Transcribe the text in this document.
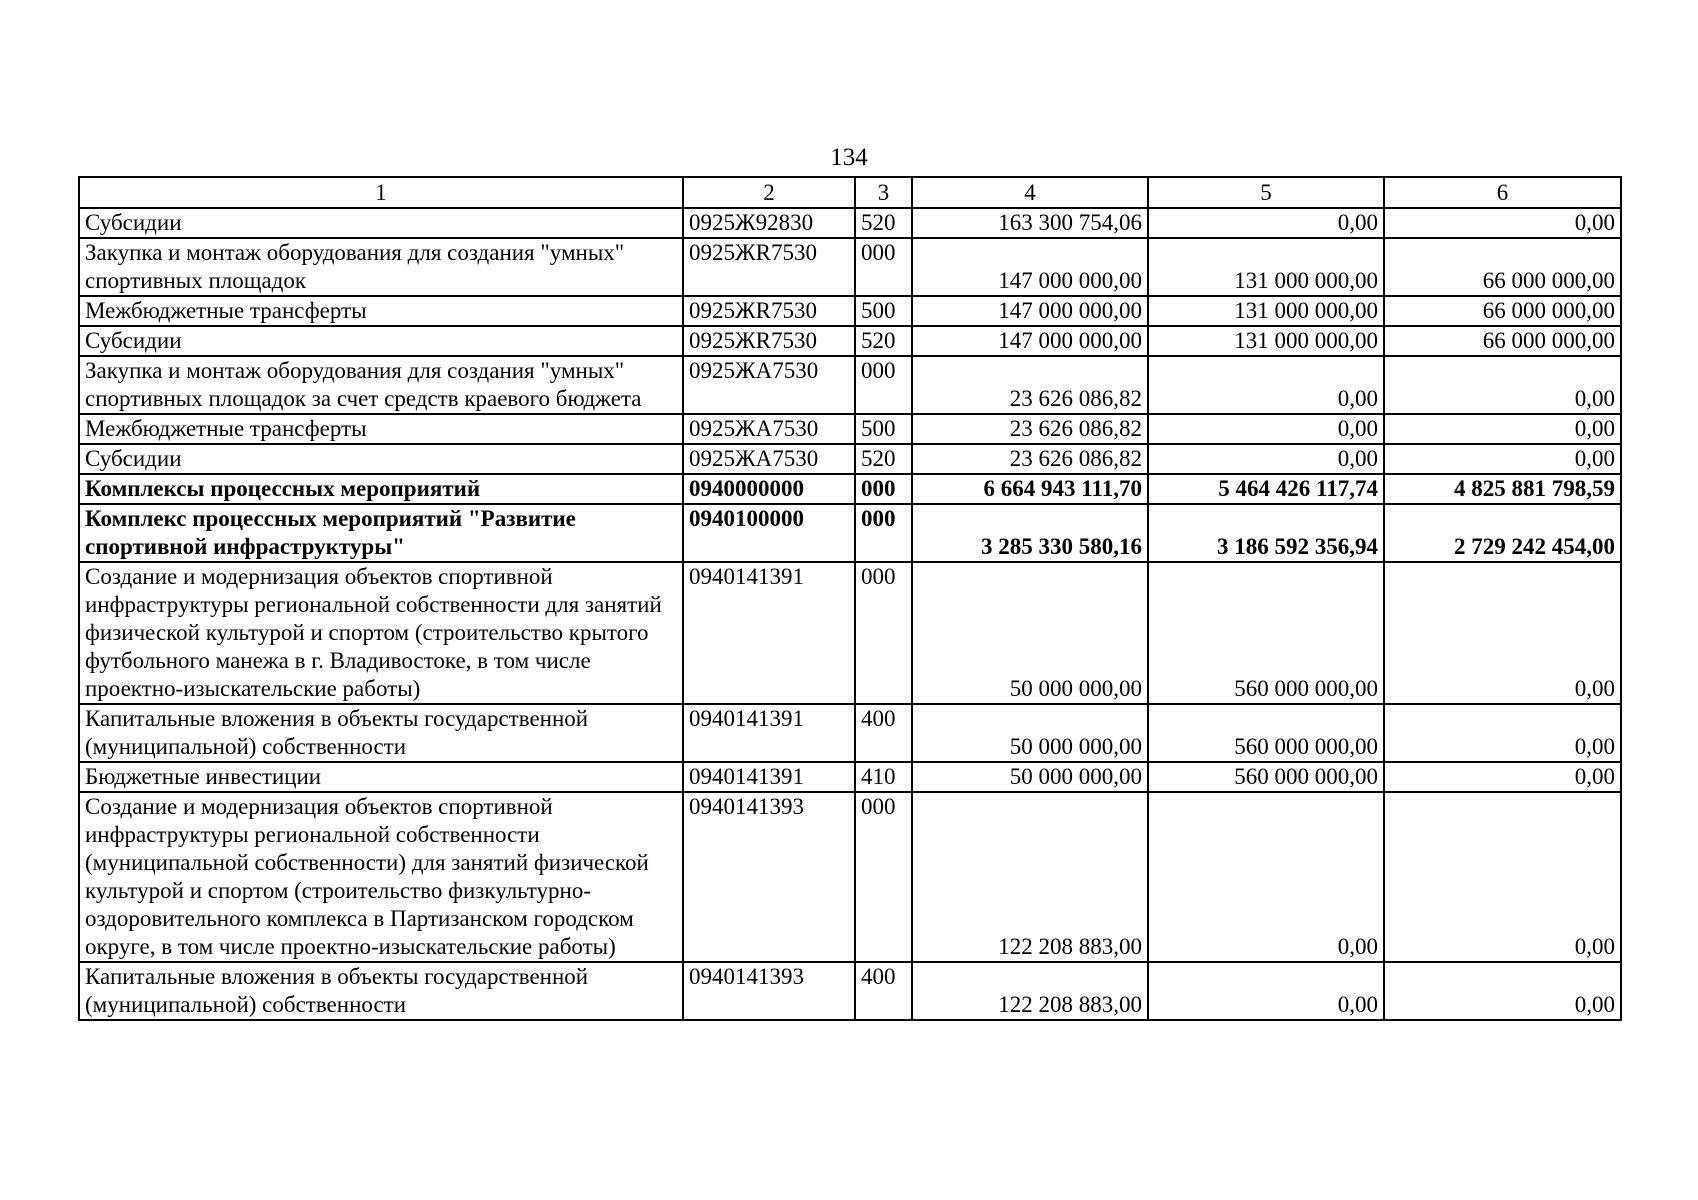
134
1	2	3	4	5	6
Субсидии	0925Ж92830	520	163 300 754,06	0,00	0,00
Закупка и монтаж оборудования для создания "умных" спортивных площадок	0925ЖR7530	000	147 000 000,00	131 000 000,00	66 000 000,00
Межбюджетные трансферты	0925ЖR7530	500	147 000 000,00	131 000 000,00	66 000 000,00
Субсидии	0925ЖR7530	520	147 000 000,00	131 000 000,00	66 000 000,00
Закупка и монтаж оборудования для создания "умных" спортивных площадок за счет средств краевого бюджета	0925ЖА7530	000	23 626 086,82	0,00	0,00
Межбюджетные трансферты	0925ЖА7530	500	23 626 086,82	0,00	0,00
Субсидии	0925ЖА7530	520	23 626 086,82	0,00	0,00
Комплексы процессных мероприятий	0940000000	000	6 664 943 111,70	5 464 426 117,74	4 825 881 798,59
Комплекс процессных мероприятий "Развитие спортивной инфраструктуры"	0940100000	000	3 285 330 580,16	3 186 592 356,94	2 729 242 454,00
Создание и модернизация объектов спортивной инфраструктуры региональной собственности для занятий физической культурой и спортом (строительство крытого футбольного манежа в г. Владивостоке, в том числе проектно-изыскательские работы)	0940141391	000	50 000 000,00	560 000 000,00	0,00
Капитальные вложения в объекты государственной (муниципальной) собственности	0940141391	400	50 000 000,00	560 000 000,00	0,00
Бюджетные инвестиции	0940141391	410	50 000 000,00	560 000 000,00	0,00
Создание и модернизация объектов спортивной инфраструктуры региональной собственности (муниципальной собственности) для занятий физической культурой и спортом (строительство физкультурно-оздоровительного комплекса в Партизанском городском округе, в том числе проектно-изыскательские работы)	0940141393	000	122 208 883,00	0,00	0,00
Капитальные вложения в объекты государственной (муниципальной) собственности	0940141393	400	122 208 883,00	0,00	0,00
